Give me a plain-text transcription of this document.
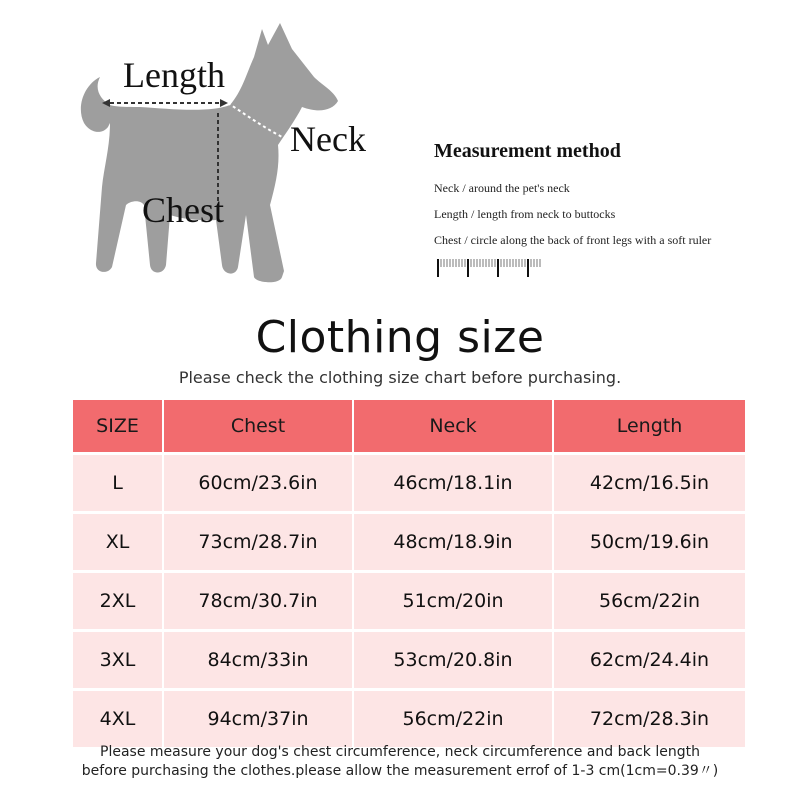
Length
Neck
Chest
Measurement method
Neck / around the pet's neck
Length / length from neck to buttocks
Chest / circle along the back of front legs with a soft ruler
Clothing size
Please check the clothing size chart before purchasing.
SIZE	Chest	Neck	Length
L	60cm/23.6in	46cm/18.1in	42cm/16.5in
XL	73cm/28.7in	48cm/18.9in	50cm/19.6in
2XL	78cm/30.7in	51cm/20in	56cm/22in
3XL	84cm/33in	53cm/20.8in	62cm/24.4in
4XL	94cm/37in	56cm/22in	72cm/28.3in
Please measure your dog's chest circumference, neck circumference and back length
before purchasing the clothes.please allow the measurement errof of 1-3 cm(1cm=0.39〃)
